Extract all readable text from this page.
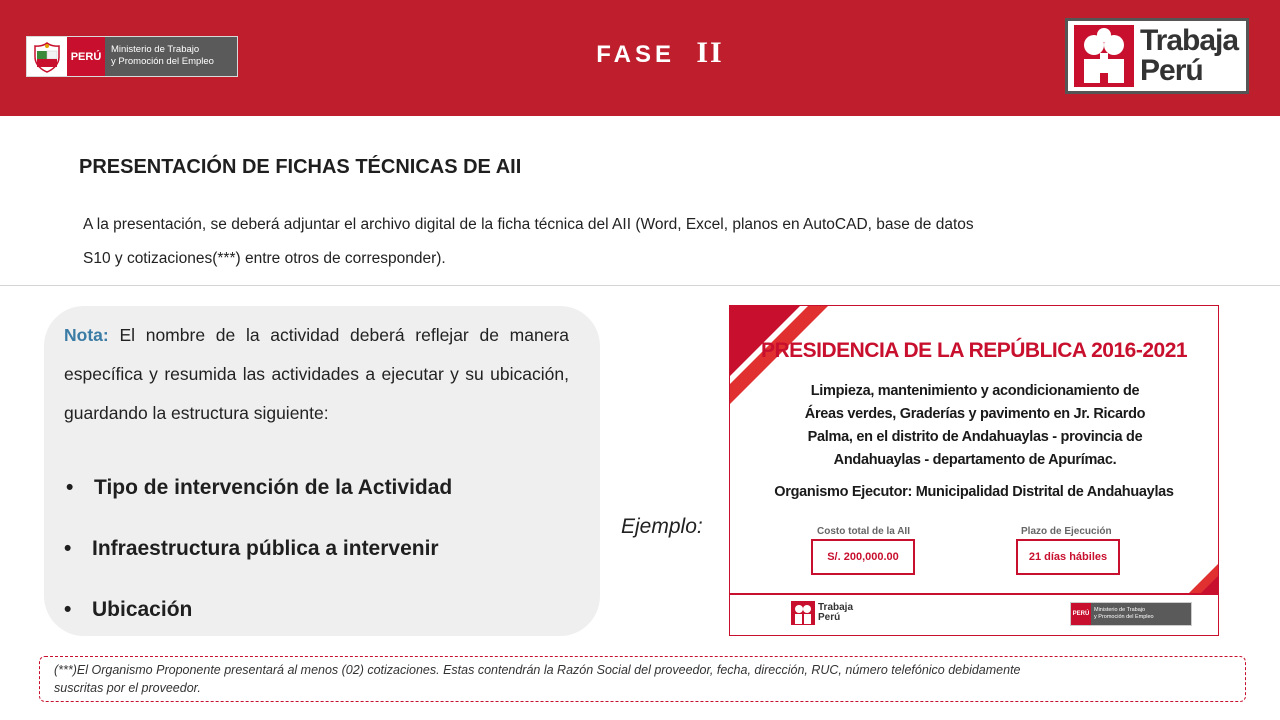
PERÚ
Ministerio de Trabajo
y Promoción del Empleo	FASE II	Trabaja
Perú
PRESENTACIÓN DE FICHAS TÉCNICAS DE AII
A la presentación, se deberá adjuntar el archivo digital de la ficha técnica del AII (Word, Excel, planos en AutoCAD, base de datos
S10 y cotizaciones(***) entre otros de corresponder).
Nota: El nombre de la actividad deberá reflejar de manera específica y resumida las actividades a ejecutar y su ubicación, guardando la estructura siguiente:
• Tipo de intervención de la Actividad
• Infraestructura pública a intervenir
• Ubicación
Ejemplo:
PRESIDENCIA DE LA REPÚBLICA 2016-2021
Limpieza, mantenimiento y acondicionamiento de
Áreas verdes, Graderías y pavimento en Jr. Ricardo
Palma, en el distrito de Andahuaylas - provincia de
Andahuaylas - departamento de Apurímac.
Organismo Ejecutor: Municipalidad Distrital de Andahuaylas
Costo total de la AII
S/. 200,000.00
Plazo de Ejecución
21 días hábiles
Trabaja
Perú	PERÚ
Ministerio de Trabajo
y Promoción del Empleo
(***)El Organismo Proponente presentará al menos (02) cotizaciones. Estas contendrán la Razón Social del proveedor, fecha, dirección, RUC, número telefónico debidamente
suscritas por el proveedor.
